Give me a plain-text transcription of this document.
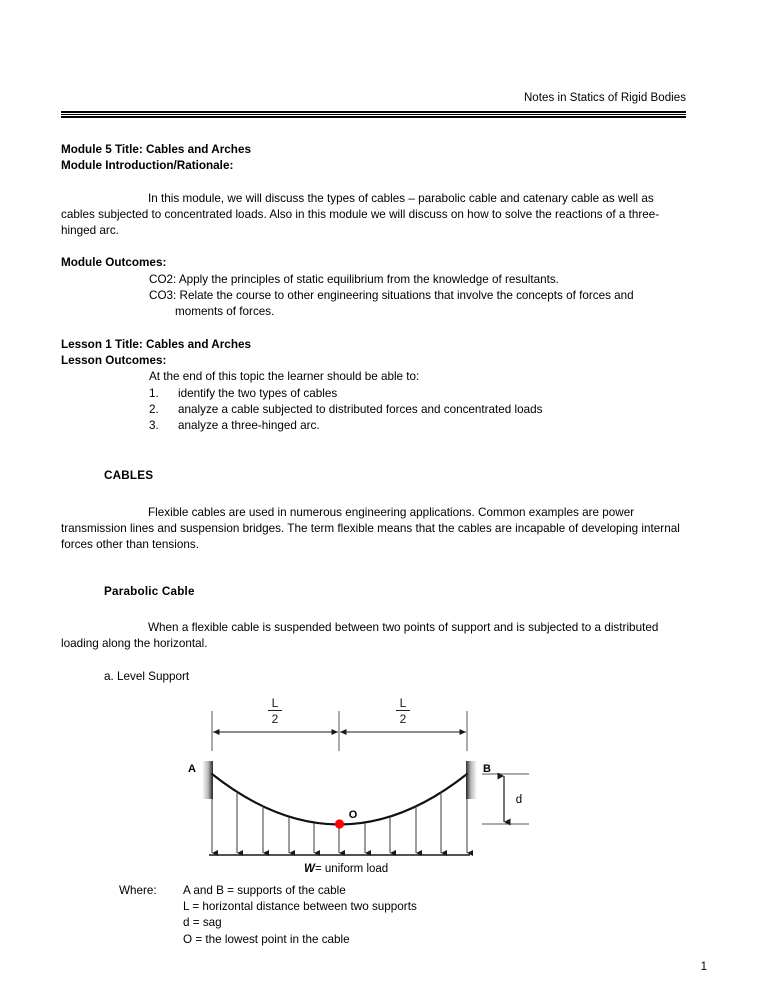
Notes in Statics of Rigid Bodies
Module 5 Title: Cables and Arches
Module Introduction/Rationale:
In this module, we will discuss the types of cables – parabolic cable and catenary cable as well as cables subjected to concentrated loads. Also in this module we will discuss on how to solve the reactions of a three-hinged arc.
Module Outcomes:
CO2: Apply the principles of static equilibrium from the knowledge of resultants.
CO3: Relate the course to other engineering situations that involve the concepts of forces and
moments of forces.
Lesson 1 Title: Cables and Arches
Lesson Outcomes:
At the end of this topic the learner should be able to:
1.	identify the two types of cables
2.	analyze a cable subjected to distributed forces and concentrated loads
3.	analyze a three-hinged arc.
CABLES
Flexible cables are used in numerous engineering applications. Common examples are power transmission lines and suspension bridges. The term flexible means that the cables are incapable of developing internal forces other than tensions.
Parabolic Cable
When a flexible cable is suspended between two points of support and is subjected to a distributed loading along the horizontal.
a. Level Support
L
2
L
2
A	B
O
d
W = uniform load
Where: A and B = supports of the cable
L = horizontal distance between two supports
d = sag
O = the lowest point in the cable
1
